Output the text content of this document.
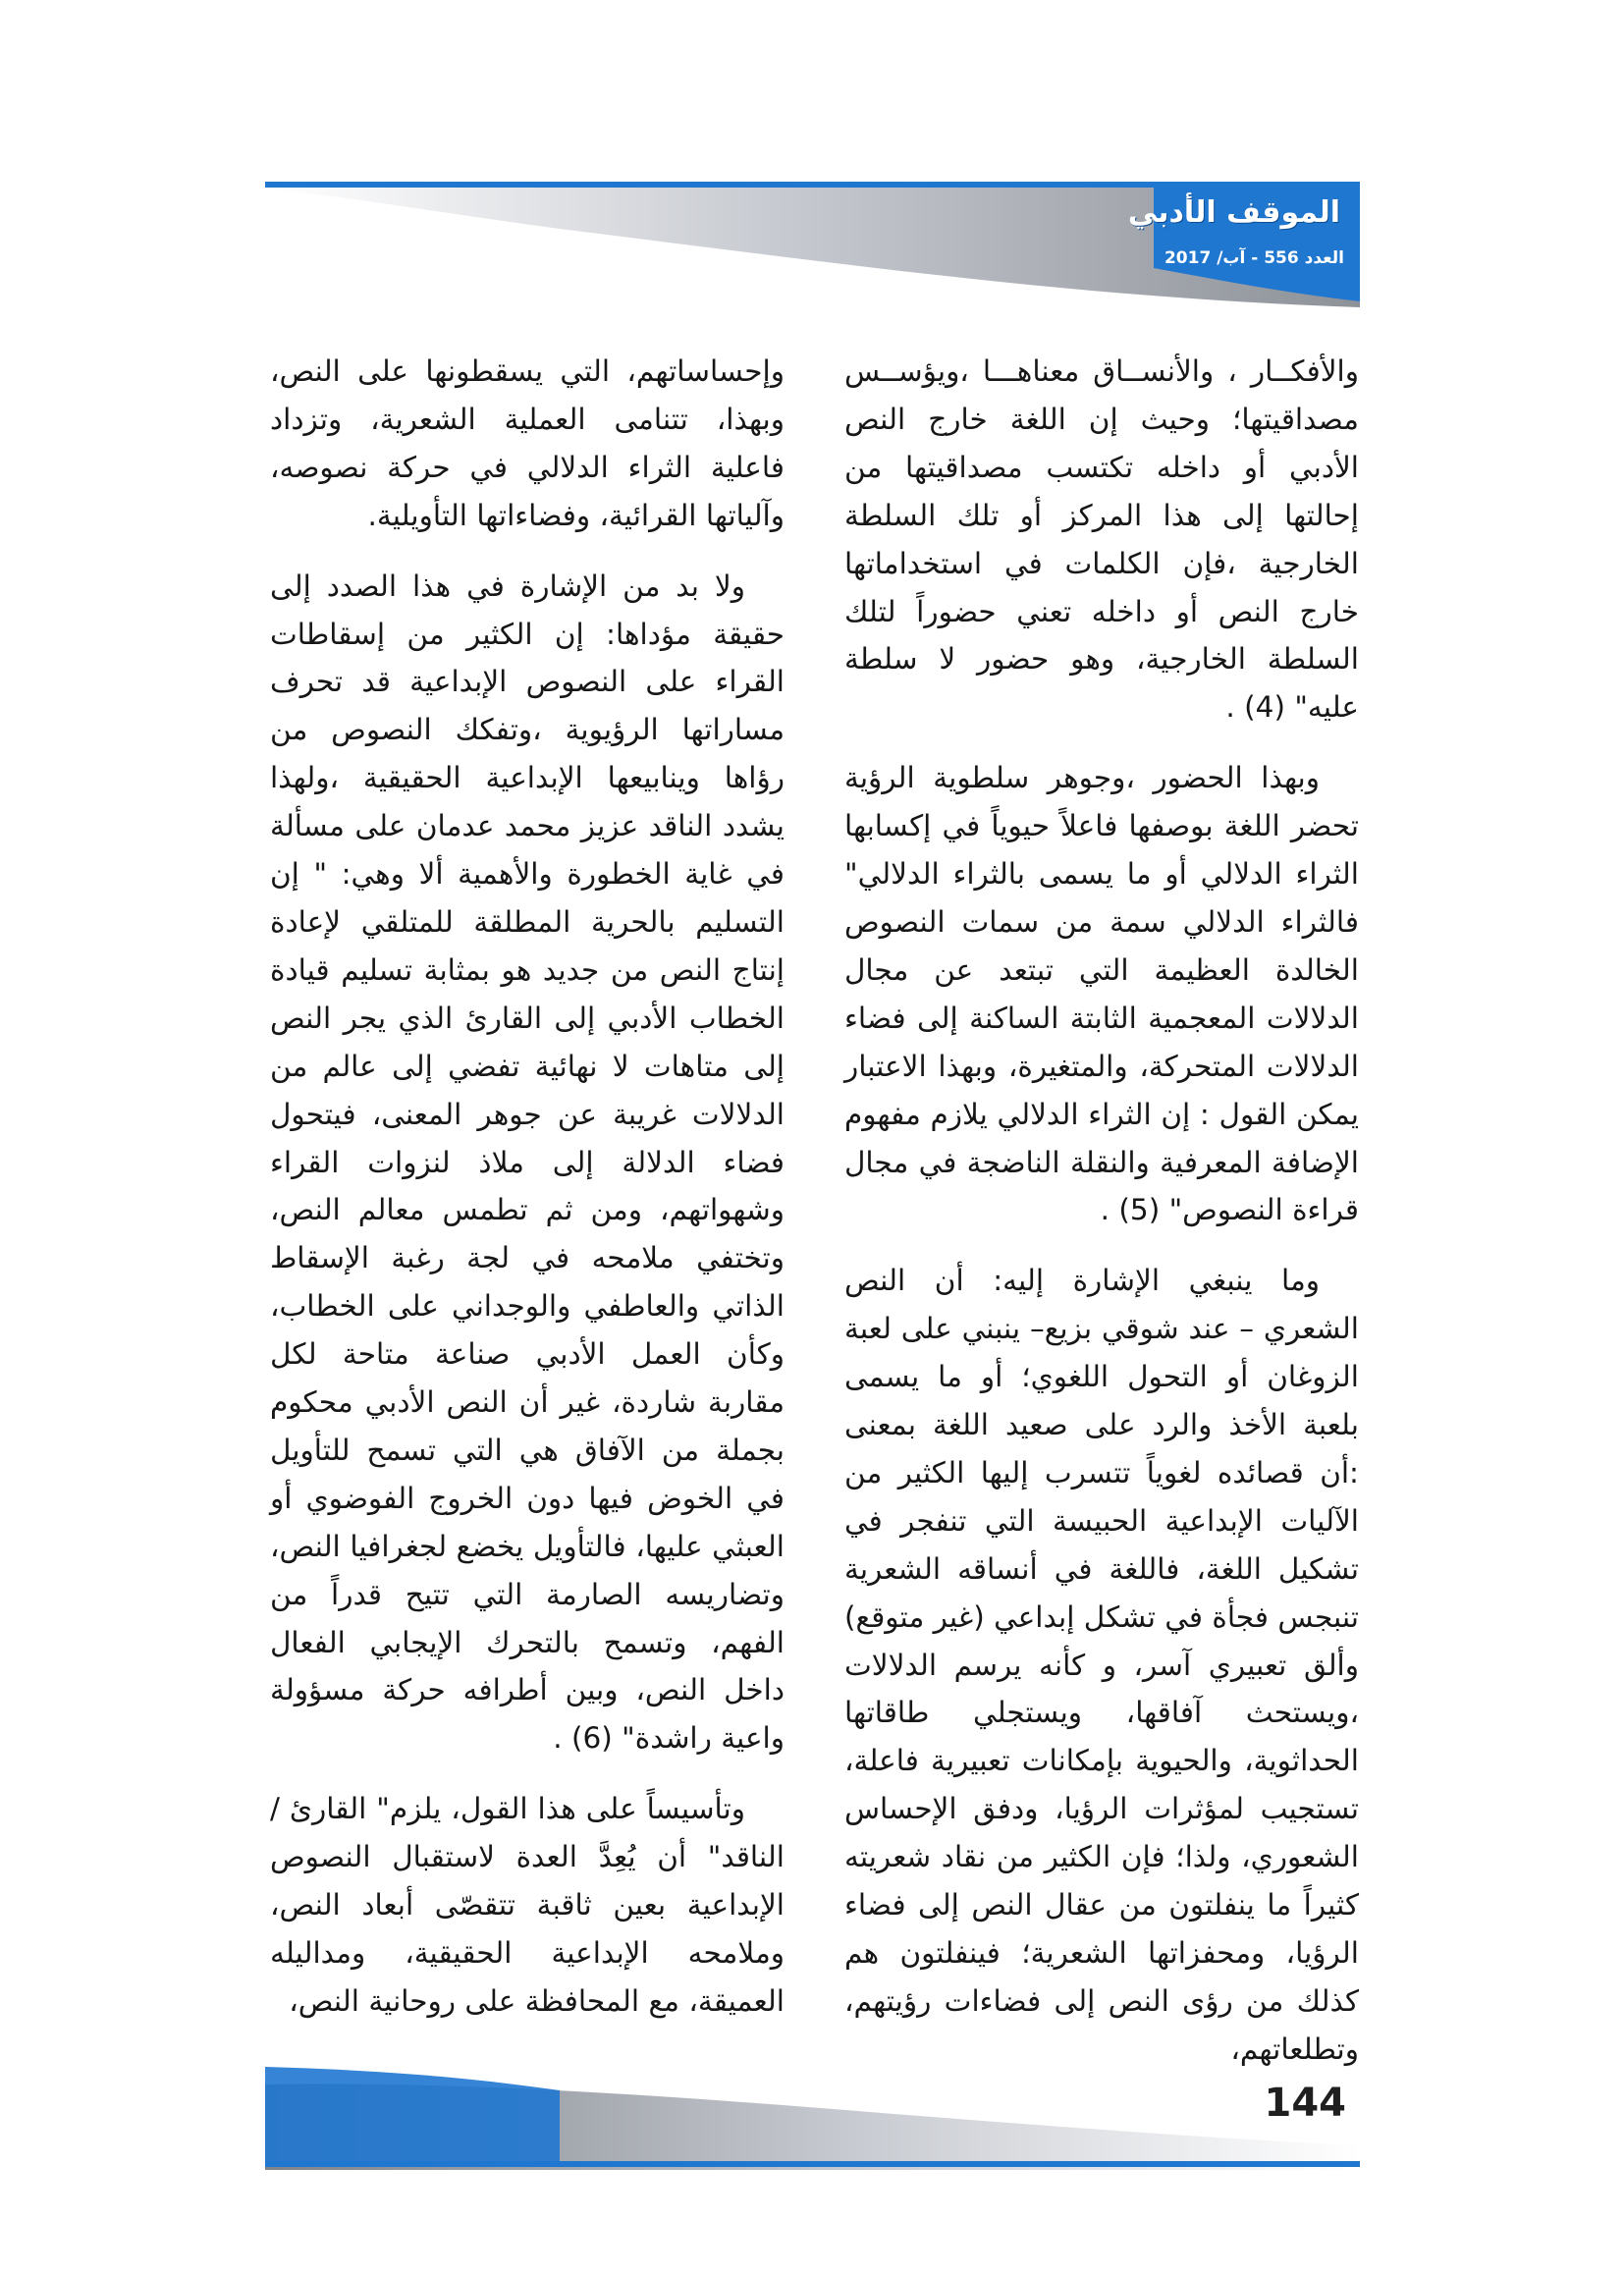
الموقف الأدبي
العدد 556 - آب/ 2017

والأفكــار ، والأنســاق معناهـــا ،ويؤســس مصداقيتها؛ وحيث إن اللغة خارج النص الأدبي أو داخله تكتسب مصداقيتها من إحالتها إلى هذا المركز أو تلك السلطة الخارجية ،فإن الكلمات في استخداماتها خارج النص أو داخله تعني حضوراً لتلك السلطة الخارجية، وهو حضور لا سلطة عليه" (4) .

وبهذا الحضور ،وجوهر سلطوية الرؤية تحضر اللغة بوصفها فاعلاً حيوياً في إكسابها الثراء الدلالي أو ما يسمى بالثراء الدلالي" فالثراء الدلالي سمة من سمات النصوص الخالدة العظيمة التي تبتعد عن مجال الدلالات المعجمية الثابتة الساكنة إلى فضاء الدلالات المتحركة، والمتغيرة، وبهذا الاعتبار يمكن القول : إن الثراء الدلالي يلازم مفهوم الإضافة المعرفية والنقلة الناضجة في مجال قراءة النصوص" (5) .

وما ينبغي الإشارة إليه: أن النص الشعري – عند شوقي بزيع– ينبني على لعبة الزوغان أو التحول اللغوي؛ أو ما يسمى بلعبة الأخذ والرد على صعيد اللغة بمعنى :أن قصائده لغوياً تتسرب إليها الكثير من الآليات الإبداعية الحبيسة التي تنفجر في تشكيل اللغة، فاللغة في أنساقه الشعرية تنبجس فجأة في تشكل إبداعي (غير متوقع) وألق تعبيري آسر، و كأنه يرسم الدلالات ،ويستحث آفاقها، ويستجلي طاقاتها الحداثوية، والحيوية بإمكانات تعبيرية فاعلة، تستجيب لمؤثرات الرؤيا، ودفق الإحساس الشعوري، ولذا؛ فإن الكثير من نقاد شعريته كثيراً ما ينفلتون من عقال النص إلى فضاء الرؤيا، ومحفزاتها الشعرية؛ فينفلتون هم كذلك من رؤى النص إلى فضاءات رؤيتهم، وتطلعاتهم،

وإحساساتهم، التي يسقطونها على النص، وبهذا، تتنامى العملية الشعرية، وتزداد فاعلية الثراء الدلالي في حركة نصوصه، وآلياتها القرائية، وفضاءاتها التأويلية.

ولا بد من الإشارة في هذا الصدد إلى حقيقة مؤداها: إن الكثير من إسقاطات القراء على النصوص الإبداعية قد تحرف مساراتها الرؤيوية ،وتفكك النصوص من رؤاها وينابيعها الإبداعية الحقيقية ،ولهذا يشدد الناقد عزيز محمد عدمان على مسألة في غاية الخطورة والأهمية ألا وهي: " إن التسليم بالحرية المطلقة للمتلقي لإعادة إنتاج النص من جديد هو بمثابة تسليم قيادة الخطاب الأدبي إلى القارئ الذي يجر النص إلى متاهات لا نهائية تفضي إلى عالم من الدلالات غريبة عن جوهر المعنى، فيتحول فضاء الدلالة إلى ملاذ لنزوات القراء وشهواتهم، ومن ثم تطمس معالم النص، وتختفي ملامحه في لجة رغبة الإسقاط الذاتي والعاطفي والوجداني على الخطاب، وكأن العمل الأدبي صناعة متاحة لكل مقاربة شاردة، غير أن النص الأدبي محكوم بجملة من الآفاق هي التي تسمح للتأويل في الخوض فيها دون الخروج الفوضوي أو العبثي عليها، فالتأويل يخضع لجغرافيا النص، وتضاريسه الصارمة التي تتيح قدراً من الفهم، وتسمح بالتحرك الإيجابي الفعال داخل النص، وبين أطرافه حركة مسؤولة واعية راشدة" (6) .

وتأسيساً على هذا القول، يلزم" القارئ / الناقد" أن يُعِدَّ العدة لاستقبال النصوص الإبداعية بعين ثاقبة تتقصّى أبعاد النص، وملامحه الإبداعية الحقيقية، ومداليله العميقة، مع المحافظة على روحانية النص،

144
